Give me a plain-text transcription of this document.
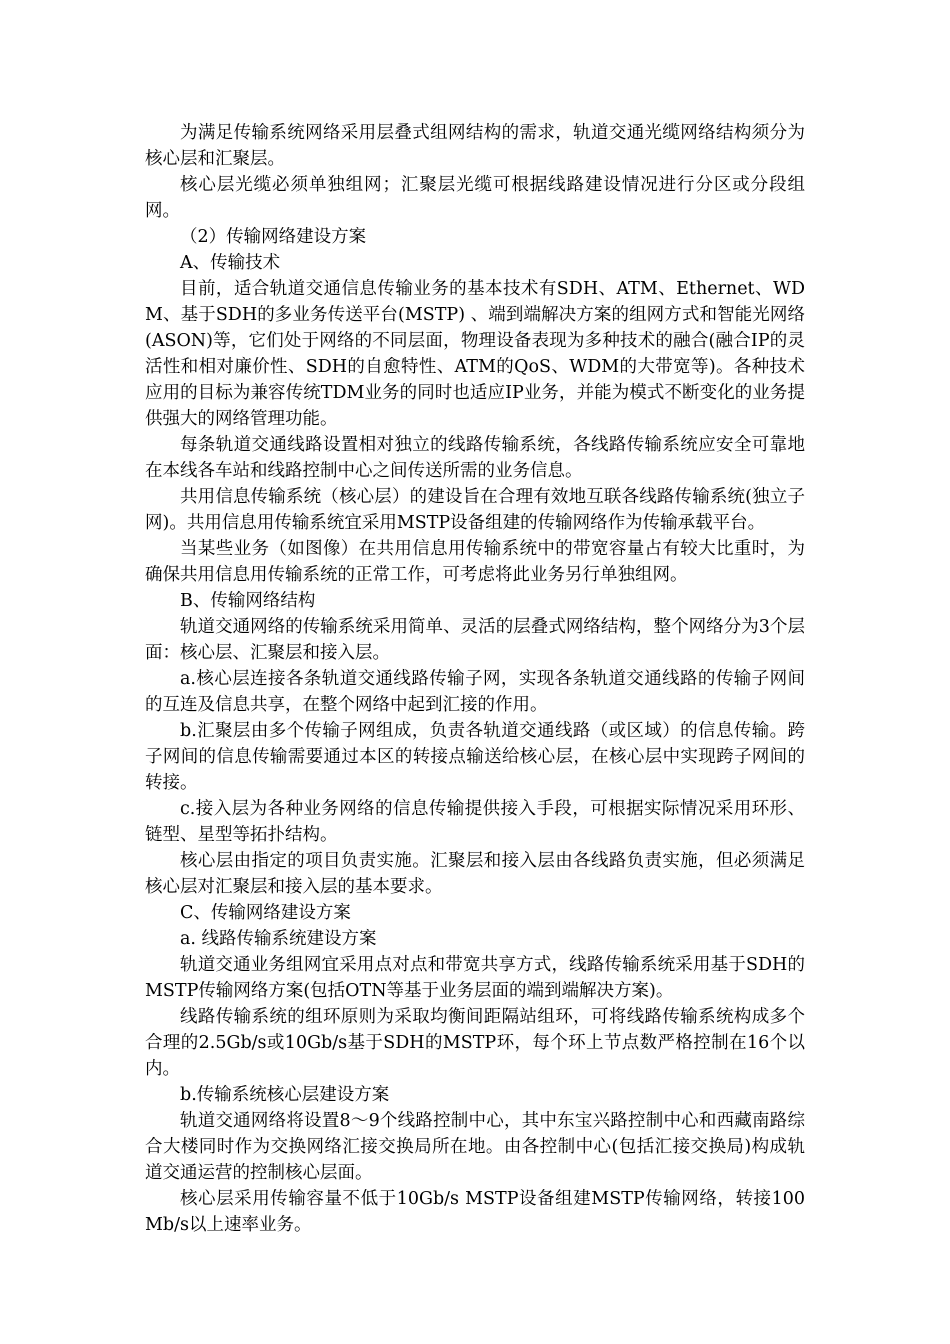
为满足传输系统网络采用层叠式组网结构的需求，轨道交通光缆网络结构须分为核心层和汇聚层。

核心层光缆必须单独组网；汇聚层光缆可根据线路建设情况进行分区或分段组网。

（2）传输网络建设方案

A、传输技术

目前，适合轨道交通信息传输业务的基本技术有SDH、ATM、Ethernet、WDM、基于SDH的多业务传送平台(MSTP) 、端到端解决方案的组网方式和智能光网络(ASON)等，它们处于网络的不同层面，物理设备表现为多种技术的融合(融合IP的灵活性和相对廉价性、SDH的自愈特性、ATM的QoS、WDM的大带宽等)。各种技术应用的目标为兼容传统TDM业务的同时也适应IP业务，并能为模式不断变化的业务提供强大的网络管理功能。

每条轨道交通线路设置相对独立的线路传输系统，各线路传输系统应安全可靠地在本线各车站和线路控制中心之间传送所需的业务信息。

共用信息传输系统（核心层）的建设旨在合理有效地互联各线路传输系统(独立子网)。共用信息用传输系统宜采用MSTP设备组建的传输网络作为传输承载平台。

当某些业务（如图像）在共用信息用传输系统中的带宽容量占有较大比重时，为确保共用信息用传输系统的正常工作，可考虑将此业务另行单独组网。

B、传输网络结构

轨道交通网络的传输系统采用简单、灵活的层叠式网络结构，整个网络分为3个层面：核心层、汇聚层和接入层。

a.核心层连接各条轨道交通线路传输子网，实现各条轨道交通线路的传输子网间的互连及信息共享，在整个网络中起到汇接的作用。

b.汇聚层由多个传输子网组成，负责各轨道交通线路（或区域）的信息传输。跨子网间的信息传输需要通过本区的转接点输送给核心层，在核心层中实现跨子网间的转接。

c.接入层为各种业务网络的信息传输提供接入手段，可根据实际情况采用环形、链型、星型等拓扑结构。

核心层由指定的项目负责实施。汇聚层和接入层由各线路负责实施，但必须满足核心层对汇聚层和接入层的基本要求。

C、传输网络建设方案

a. 线路传输系统建设方案

轨道交通业务组网宜采用点对点和带宽共享方式，线路传输系统采用基于SDH的MSTP传输网络方案(包括OTN等基于业务层面的端到端解决方案)。

线路传输系统的组环原则为采取均衡间距隔站组环，可将线路传输系统构成多个合理的2.5Gb/s或10Gb/s基于SDH的MSTP环，每个环上节点数严格控制在16个以内。

b.传输系统核心层建设方案

轨道交通网络将设置8～9个线路控制中心，其中东宝兴路控制中心和西藏南路综合大楼同时作为交换网络汇接交换局所在地。由各控制中心(包括汇接交换局)构成轨道交通运营的控制核心层面。

核心层采用传输容量不低于10Gb/s MSTP设备组建MSTP传输网络，转接100Mb/s以上速率业务。
